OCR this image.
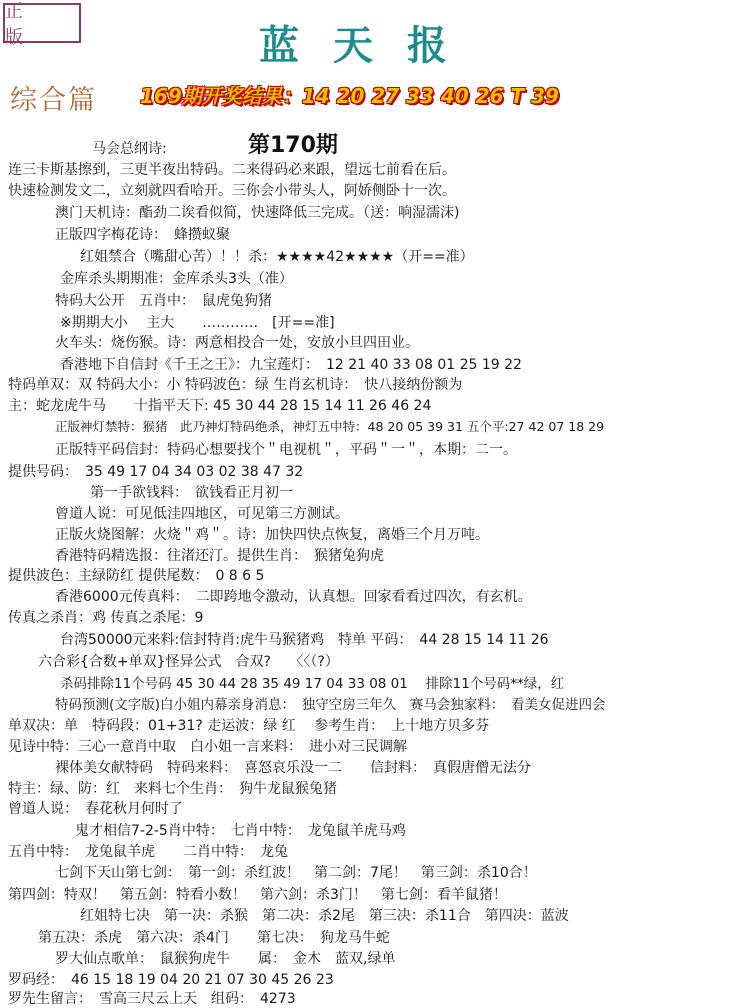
正 版	蓝天报
综合篇 169期开奖结果：14 20 27 33 40 26 T 39
第170期
马会总纲诗:
连三卡斯基擦到，三更半夜出特码。二来得码必来跟，望远七前看在后。
快速检测发文二，立刻就四看哈开。三你会小带头人，阿娇侧卧十一次。
澳门天机诗：酯劲二诶看似简，快速降低三完成。（送：响湿濡沫)
正版四字梅花诗：　蜂攒蚁聚
红姐禁合（嘴甜心苦）！！杀：★★★★42★★★★（开==准）
金库杀头期期准：金库杀头3头（准）
特码大公开　五肖中：　鼠虎兔狗猪
※期期大小　 主大　　…………　[开==准]
火车头：烧伤猴。诗：两意相投合一处，安放小旦四田业。
香港地下自信封《千王之王》：九宝莲灯：　12 21 40 33 08 01 25 19 22
特码单双：双 特码大小：小 特码波色：绿 生肖玄机诗：　快八接纳份额为
主：蛇龙虎牛马　　十指平天下: 45 30 44 28 15 14 11 26 46 24
正版神灯禁特：猴猪　此乃神灯特码绝杀，神灯五中特：48 20 05 39 31 五个平:27 42 07 18 29
正版特平码信封：特码心想要找个＂电视机＂，平码＂一＂，本期：二一。
提供号码：　35 49 17 04 34 03 02 38 47 32
第一手欲钱料：　欲钱看正月初一
曾道人说：可见低洼四地区，可见第三方测试。
正版火烧图解：火烧＂鸡＂。诗：加快四快点恢复，离婚三个月万吨。
香港特码精选报：往渚还汀。提供生肖：　猴猪兔狗虎
提供波色：主绿防红 提供尾数：　0 8 6 5
香港6000元传真料：　二即跨地令激动，认真想。回家看看过四次，有玄机。
传真之杀肖：鸡 传真之杀尾：9
台湾50000元来料:信封特肖:虎牛马猴猪鸡　特单 平码：　44 28 15 14 11 26
六合彩{合数+单双}怪异公式　合双?　 〈〈（?）
杀码排除11个号码 45 30 44 28 35 49 17 04 33 08 01　 排除11个号码**绿，红
特码预测(文字版)白小姐内幕亲身消息：　独守空房三年久　赛马会独家料：　看美女促进四会
单双决：单　特码段：01+31? 走运波：绿 红　 参考生肖：　上十地方贝多芬
见诗中特：三心一意肖中取　白小姐一言来料：　进小对三民调解
裸体美女献特码　特码来料：　喜怒哀乐没一二　　信封料：　真假唐僧无法分
特主：绿、防：红　来料七个生肖：　狗牛龙鼠猴兔猪
曾道人说：　春花秋月何时了
鬼才相信7-2-5肖中特：　七肖中特：　龙兔鼠羊虎马鸡
五肖中特：　龙兔鼠羊虎　　二肖中特：　龙兔
七剑下天山第七剑：　第一剑：杀红波！　第二剑：7尾！　第三剑：杀10合！
第四剑：特双！　第五剑：特看小数！　第六剑：杀3门！　第七剑：看羊鼠猪！
红姐特七决　第一决：杀猴　第二决：杀2尾　第三决：杀11合　第四决：蓝波
第五决：杀虎　第六决：杀4门　　第七决：　狗龙马牛蛇
罗大仙点歌单：　鼠猴狗虎牛　　属：　金木　蓝双,绿单
罗码经：　46 15 18 19 04 20 21 07 30 45 26 23
罗先生留言：　雪高三尺云上天　组码：　4273
